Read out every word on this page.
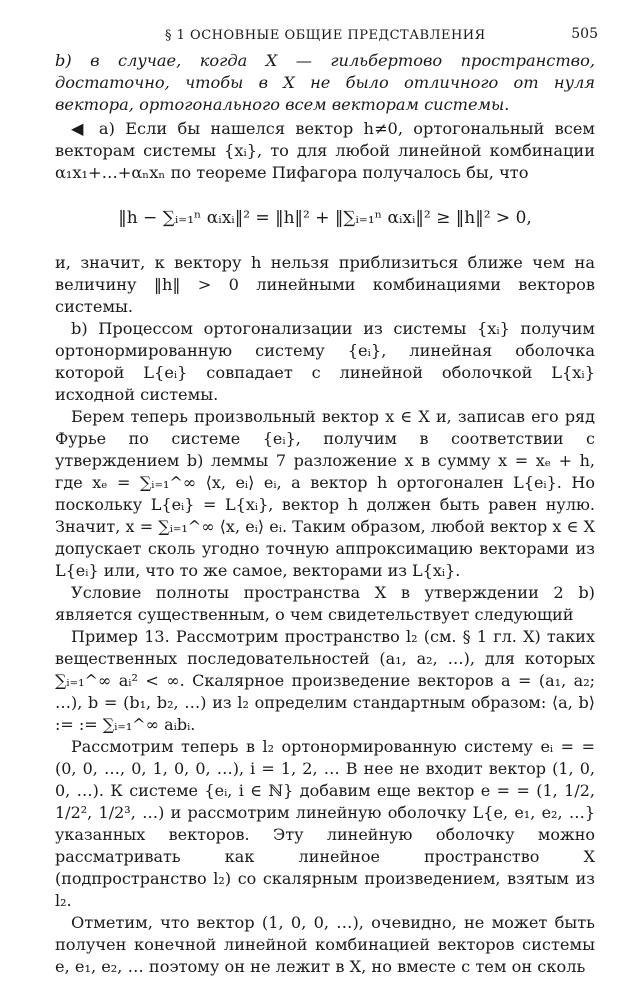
§ 1 ОСНОВНЫЕ ОБЩИЕ ПРЕДСТАВЛЕНИЯ	505

b) в случае, когда X — гильбертово пространство, достаточно, чтобы в X не было отличного от нуля вектора, ортогонального всем векторам системы.

◀ a) Если бы нашелся вектор h≠0, ортогональный всем векторам системы {xᵢ}, то для любой линейной комбинации α₁x₁+…+αₙxₙ по теореме Пифагора получалось бы, что

‖h − ∑ᵢ₌₁ⁿ αᵢxᵢ‖² = ‖h‖² + ‖∑ᵢ₌₁ⁿ αᵢxᵢ‖² ≥ ‖h‖² > 0,

и, значит, к вектору h нельзя приблизиться ближе чем на величину ‖h‖ > 0 линейными комбинациями векторов системы.

b) Процессом ортогонализации из системы {xᵢ} получим ортонормированную систему {eᵢ}, линейная оболочка которой L{eᵢ} совпадает с линейной оболочкой L{xᵢ} исходной системы.

Берем теперь произвольный вектор x ∈ X и, записав его ряд Фурье по системе {eᵢ}, получим в соответствии с утверждением b) леммы 7 разложение x в сумму x = xₑ + h, где xₑ = ∑ᵢ₌₁^∞ ⟨x, eᵢ⟩ eᵢ, а вектор h ортогонален L{eᵢ}. Но поскольку L{eᵢ} = L{xᵢ}, вектор h должен быть равен нулю. Значит, x = ∑ᵢ₌₁^∞ ⟨x, eᵢ⟩ eᵢ. Таким образом, любой вектор x ∈ X допускает сколь угодно точную аппроксимацию векторами из L{eᵢ} или, что то же самое, векторами из L{xᵢ}.

Условие полноты пространства X в утверждении 2 b) является существенным, о чем свидетельствует следующий

Пример 13. Рассмотрим пространство l₂ (см. § 1 гл. X) таких вещественных последовательностей (a₁, a₂, …), для которых ∑ᵢ₌₁^∞ aᵢ² < ∞. Скалярное произведение векторов a = (a₁, a₂; …), b = (b₁, b₂, …) из l₂ определим стандартным образом: ⟨a, b⟩ := := ∑ᵢ₌₁^∞ aᵢbᵢ.

Рассмотрим теперь в l₂ ортонормированную систему eᵢ = = (0, 0, …, 0, 1, 0, 0, …), i = 1, 2, … В нее не входит вектор (1, 0, 0, …). К системе {eᵢ, i ∈ ℕ} добавим еще вектор e = = (1, 1/2, 1/2², 1/2³, …) и рассмотрим линейную оболочку L{e, e₁, e₂, …} указанных векторов. Эту линейную оболочку можно рассматривать как линейное пространство X (подпространство l₂) со скалярным произведением, взятым из l₂.

Отметим, что вектор (1, 0, 0, …), очевидно, не может быть получен конечной линейной комбинацией векторов системы e, e₁, e₂, … поэтому он не лежит в X, но вместе с тем он сколь
